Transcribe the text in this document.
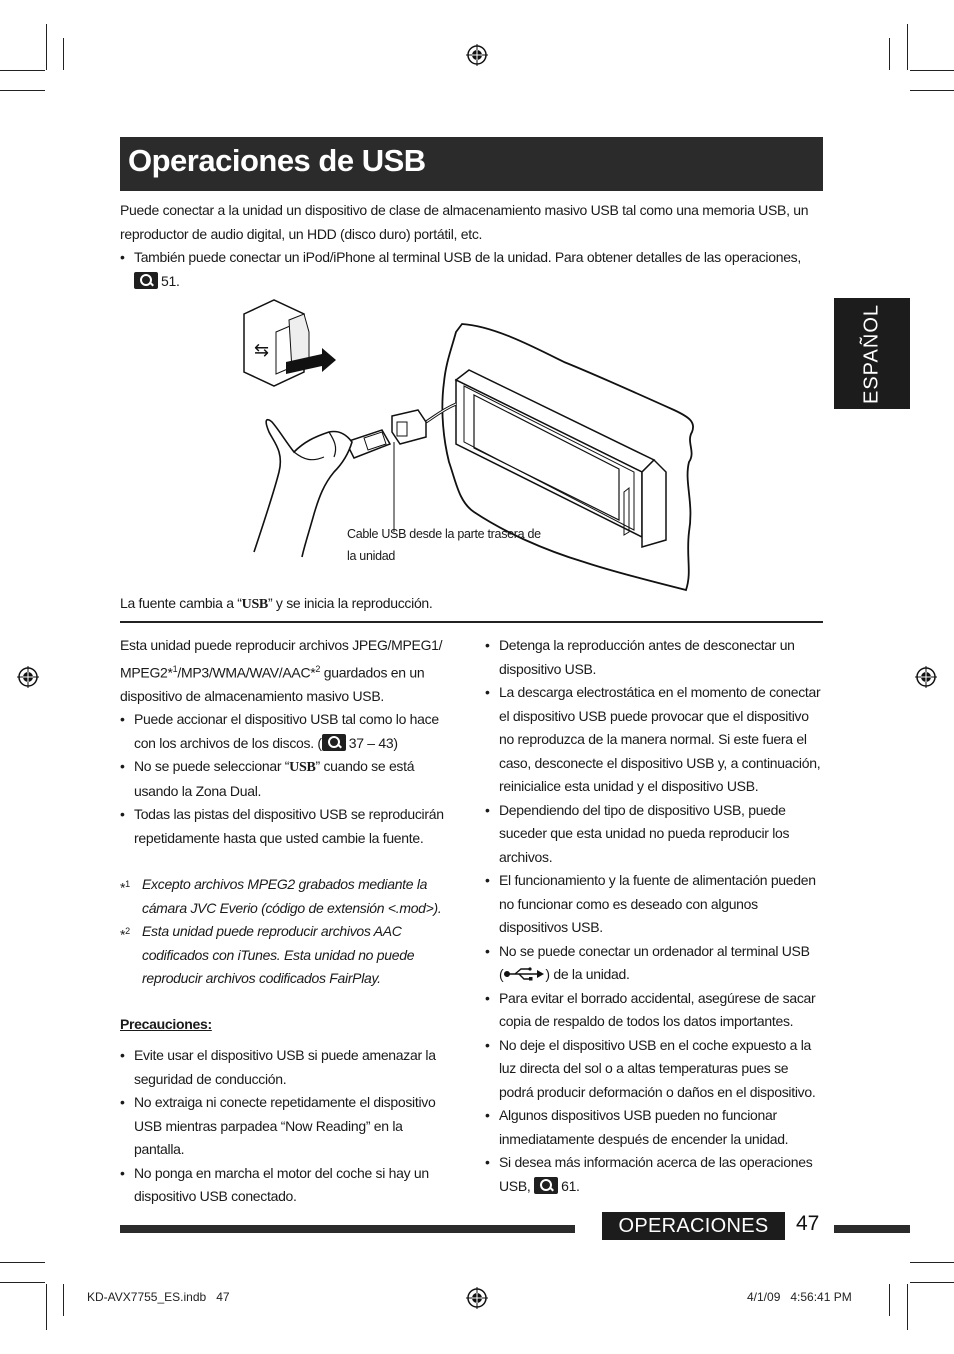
Operaciones de USB
ESPAÑOL
Puede conectar a la unidad un dispositivo de clase de almacenamiento masivo USB tal como una memoria USB, un reproductor de audio digital, un HDD (disco duro) portátil, etc.
• También puede conectar un iPod/iPhone al terminal USB de la unidad. Para obtener detalles de las operaciones,
51.
⇆
Cable USB desde la parte trasera de
la unidad
La fuente cambia a “USB” y se inicia la reproducción.
Esta unidad puede reproducir archivos JPEG/MPEG1/
MPEG2*$^1$/MP3/WMA/WAV/AAC*$^2$ guardados en un
dispositivo de almacenamiento masivo USB.
• Puede accionar el dispositivo USB tal como lo hace con los archivos de los discos. ( 37 – 43)
• No se puede seleccionar “USB” cuando se está usando la Zona Dual.
• Todas las pistas del dispositivo USB se reproducirán repetidamente hasta que usted cambie la fuente.
*$^1$ Excepto archivos MPEG2 grabados mediante la cámara JVC Everio (código de extensión <.mod>).
*$^2$ Esta unidad puede reproducir archivos AAC codificados con iTunes. Esta unidad no puede reproducir archivos codificados FairPlay.
Precauciones:
• Evite usar el dispositivo USB si puede amenazar la seguridad de conducción.
• No extraiga ni conecte repetidamente el dispositivo USB mientras parpadea “Now Reading” en la pantalla.
• No ponga en marcha el motor del coche si hay un dispositivo USB conectado.
• Detenga la reproducción antes de desconectar un dispositivo USB.
• La descarga electrostática en el momento de conectar el dispositivo USB puede provocar que el dispositivo no reproduzca de la manera normal. Si este fuera el caso, desconecte el dispositivo USB y, a continuación, reinicialice esta unidad y el dispositivo USB.
• Dependiendo del tipo de dispositivo USB, puede suceder que esta unidad no pueda reproducir los archivos.
• El funcionamiento y la fuente de alimentación pueden no funcionar como es deseado con algunos dispositivos USB.
• No se puede conectar un ordenador al terminal USB
(	) de la unidad.
• Para evitar el borrado accidental, asegúrese de sacar copia de respaldo de todos los datos importantes.
• No deje el dispositivo USB en el coche expuesto a la luz directa del sol o a altas temperaturas pues se podrá producir deformación o daños en el dispositivo.
• Algunos dispositivos USB pueden no funcionar inmediatamente después de encender la unidad.
• Si desea más información acerca de las operaciones USB, 61.
OPERACIONES	47
KD-AVX7755_ES.indb   47	4/1/09   4:56:41 PM
